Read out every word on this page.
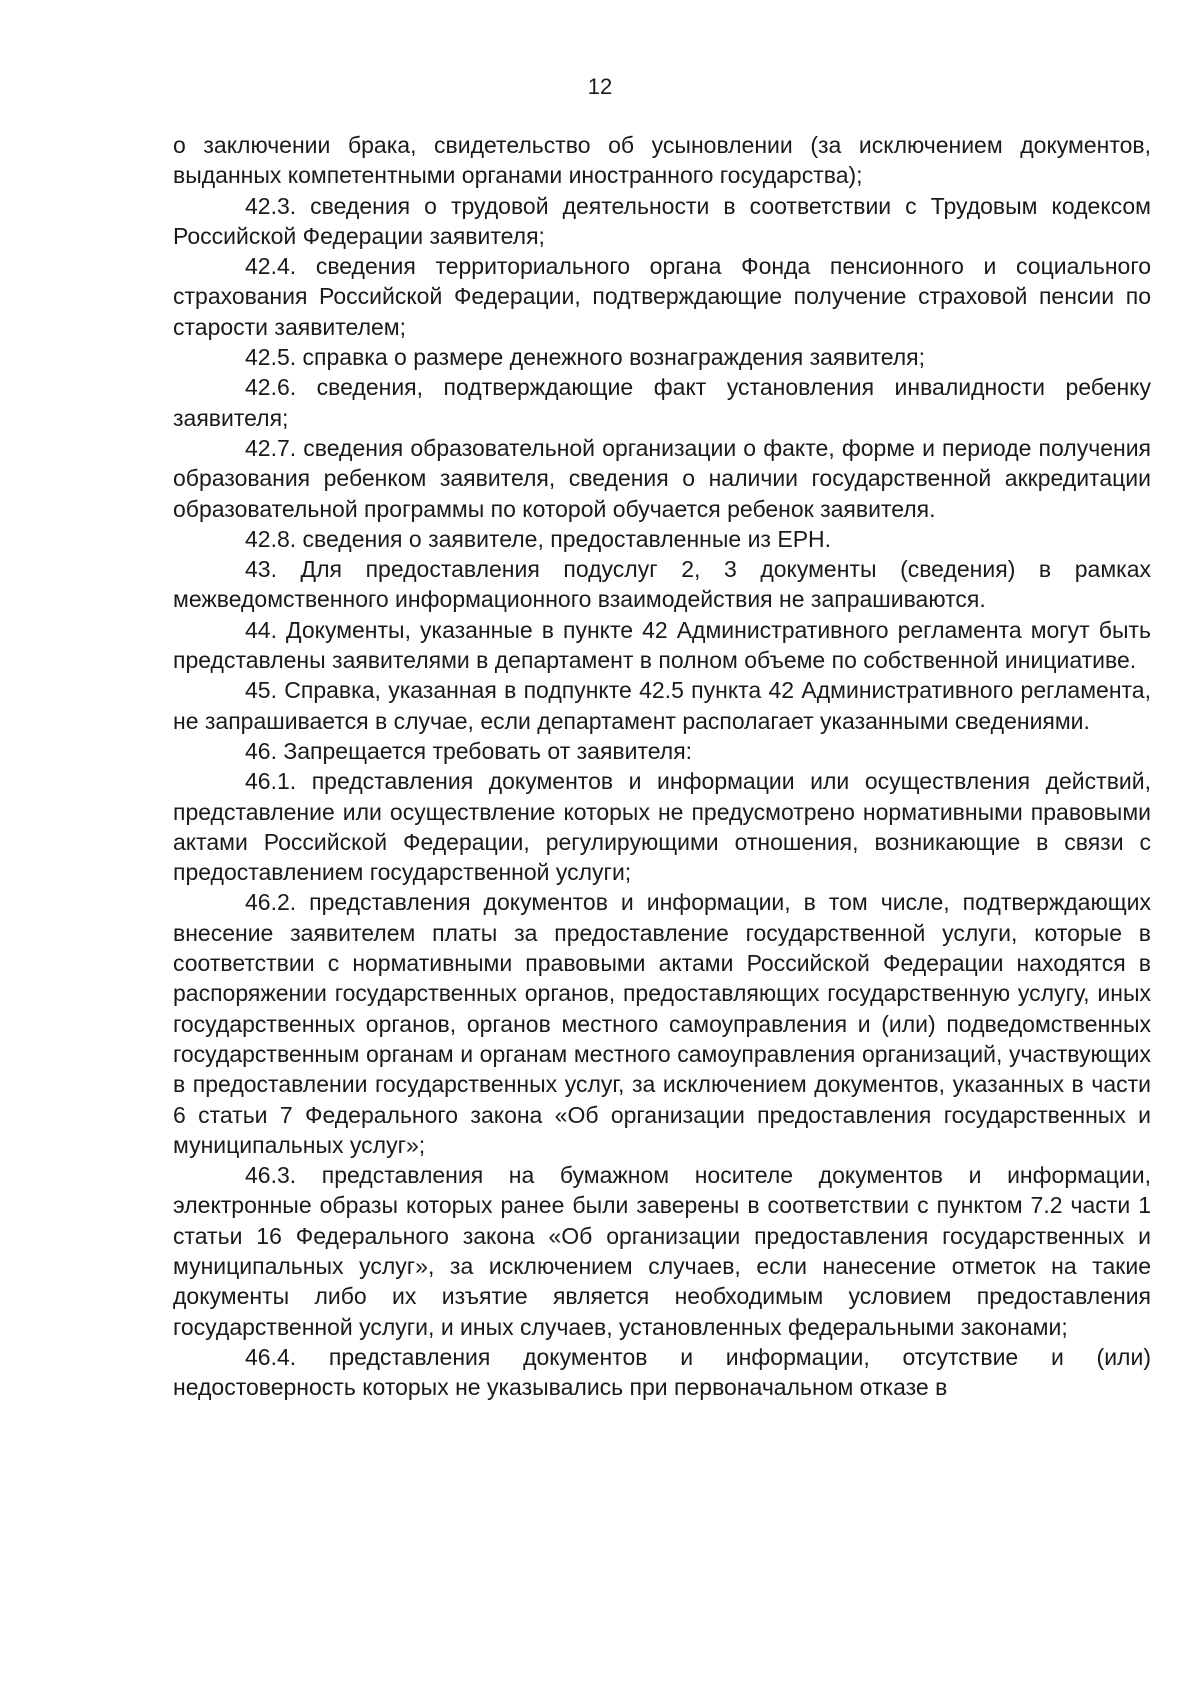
12

о заключении брака, свидетельство об усыновлении (за исключением документов, выданных компетентными органами иностранного государства);

42.3. сведения о трудовой деятельности в соответствии с Трудовым кодексом Российской Федерации заявителя;

42.4. сведения территориального органа Фонда пенсионного и социального страхования Российской Федерации, подтверждающие получение страховой пенсии по старости заявителем;

42.5. справка о размере денежного вознаграждения заявителя;

42.6. сведения, подтверждающие факт установления инвалидности ребенку заявителя;

42.7. сведения образовательной организации о факте, форме и периоде получения образования ребенком заявителя, сведения о наличии государственной аккредитации образовательной программы по которой обучается ребенок заявителя.

42.8. сведения о заявителе, предоставленные из ЕРН.

43. Для предоставления подуслуг 2, 3 документы (сведения) в рамках межведомственного информационного взаимодействия не запрашиваются.

44. Документы, указанные в пункте 42 Административного регламента могут быть представлены заявителями в департамент в полном объеме по собственной инициативе.

45. Справка, указанная в подпункте 42.5 пункта 42 Административного регламента, не запрашивается в случае, если департамент располагает указанными сведениями.

46. Запрещается требовать от заявителя:

46.1. представления документов и информации или осуществления действий, представление или осуществление которых не предусмотрено нормативными правовыми актами Российской Федерации, регулирующими отношения, возникающие в связи с предоставлением государственной услуги;

46.2. представления документов и информации, в том числе, подтверждающих внесение заявителем платы за предоставление государственной услуги, которые в соответствии с нормативными правовыми актами Российской Федерации находятся в распоряжении государственных органов, предоставляющих государственную услугу, иных государственных органов, органов местного самоуправления и (или) подведомственных государственным органам и органам местного самоуправления организаций, участвующих в предоставлении государственных услуг, за исключением документов, указанных в части 6 статьи 7 Федерального закона «Об организации предоставления государственных и муниципальных услуг»;

46.3. представления на бумажном носителе документов и информации, электронные образы которых ранее были заверены в соответствии с пунктом 7.2 части 1 статьи 16 Федерального закона «Об организации предоставления государственных и муниципальных услуг», за исключением случаев, если нанесение отметок на такие документы либо их изъятие является необходимым условием предоставления государственной услуги, и иных случаев, установленных федеральными законами;

46.4. представления документов и информации, отсутствие и (или) недостоверность которых не указывались при первоначальном отказе в
